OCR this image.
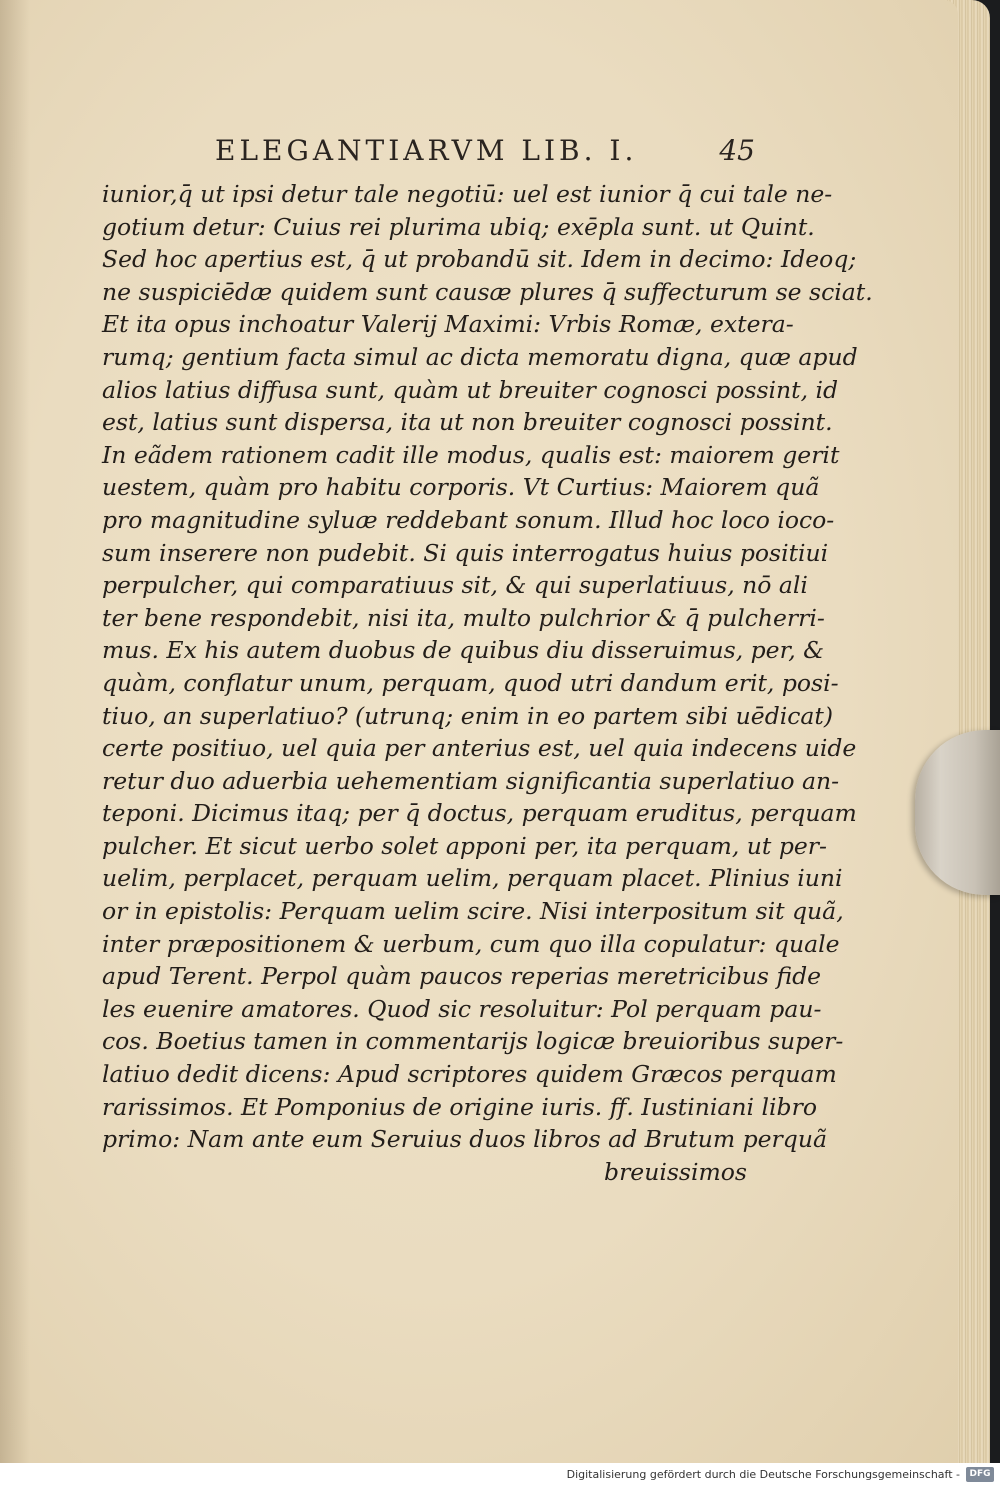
ELEGANTIARVM LIB. I.	45
iunior,q̄ ut ipsi detur tale negotiū: uel est iunior q̄ cui tale ne-
gotium detur: Cuius rei plurima ubiq; exēpla sunt. ut Quint.
Sed hoc apertius est, q̄ ut probandū sit. Idem in decimo: Ideoq;
ne suspiciēdæ quidem sunt causæ plures q̄ suffecturum se sciat.
Et ita opus inchoatur Valerij Maximi: Vrbis Romæ, extera-
rumq; gentium facta simul ac dicta memoratu digna, quæ apud
alios latius diffusa sunt, quàm ut breuiter cognosci possint, id
est, latius sunt dispersa, ita ut non breuiter cognosci possint.
In eãdem rationem cadit ille modus, qualis est: maiorem gerit
uestem, quàm pro habitu corporis. Vt Curtius: Maiorem quã
pro magnitudine syluæ reddebant sonum. Illud hoc loco ioco-
sum inserere non pudebit. Si quis interrogatus huius positiui
perpulcher, qui comparatiuus sit, & qui superlatiuus, nō ali
ter bene respondebit, nisi ita, multo pulchrior & q̄ pulcherri-
mus. Ex his autem duobus de quibus diu disseruimus, per, &
quàm, conflatur unum, perquam, quod utri dandum erit, posi-
tiuo, an superlatiuo? (utrunq; enim in eo partem sibi uēdicat)
certe positiuo, uel quia per anterius est, uel quia indecens uide
retur duo aduerbia uehementiam significantia superlatiuo an-
teponi. Dicimus itaq; per q̄ doctus, perquam eruditus, perquam
pulcher. Et sicut uerbo solet apponi per, ita perquam, ut per-
uelim, perplacet, perquam uelim, perquam placet. Plinius iuni
or in epistolis: Perquam uelim scire. Nisi interpositum sit quã,
inter præpositionem & uerbum, cum quo illa copulatur: quale
apud Terent. Perpol quàm paucos reperias meretricibus fide
les euenire amatores. Quod sic resoluitur: Pol perquam pau-
cos. Boetius tamen in commentarijs logicæ breuioribus super-
latiuo dedit dicens: Apud scriptores quidem Græcos perquam
rarissimos. Et Pomponius de origine iuris. ff. Iustiniani libro
primo: Nam ante eum Seruius duos libros ad Brutum perquã
breuissimos
Digitalisierung gefördert durch die Deutsche Forschungsgemeinschaft -	DFG
